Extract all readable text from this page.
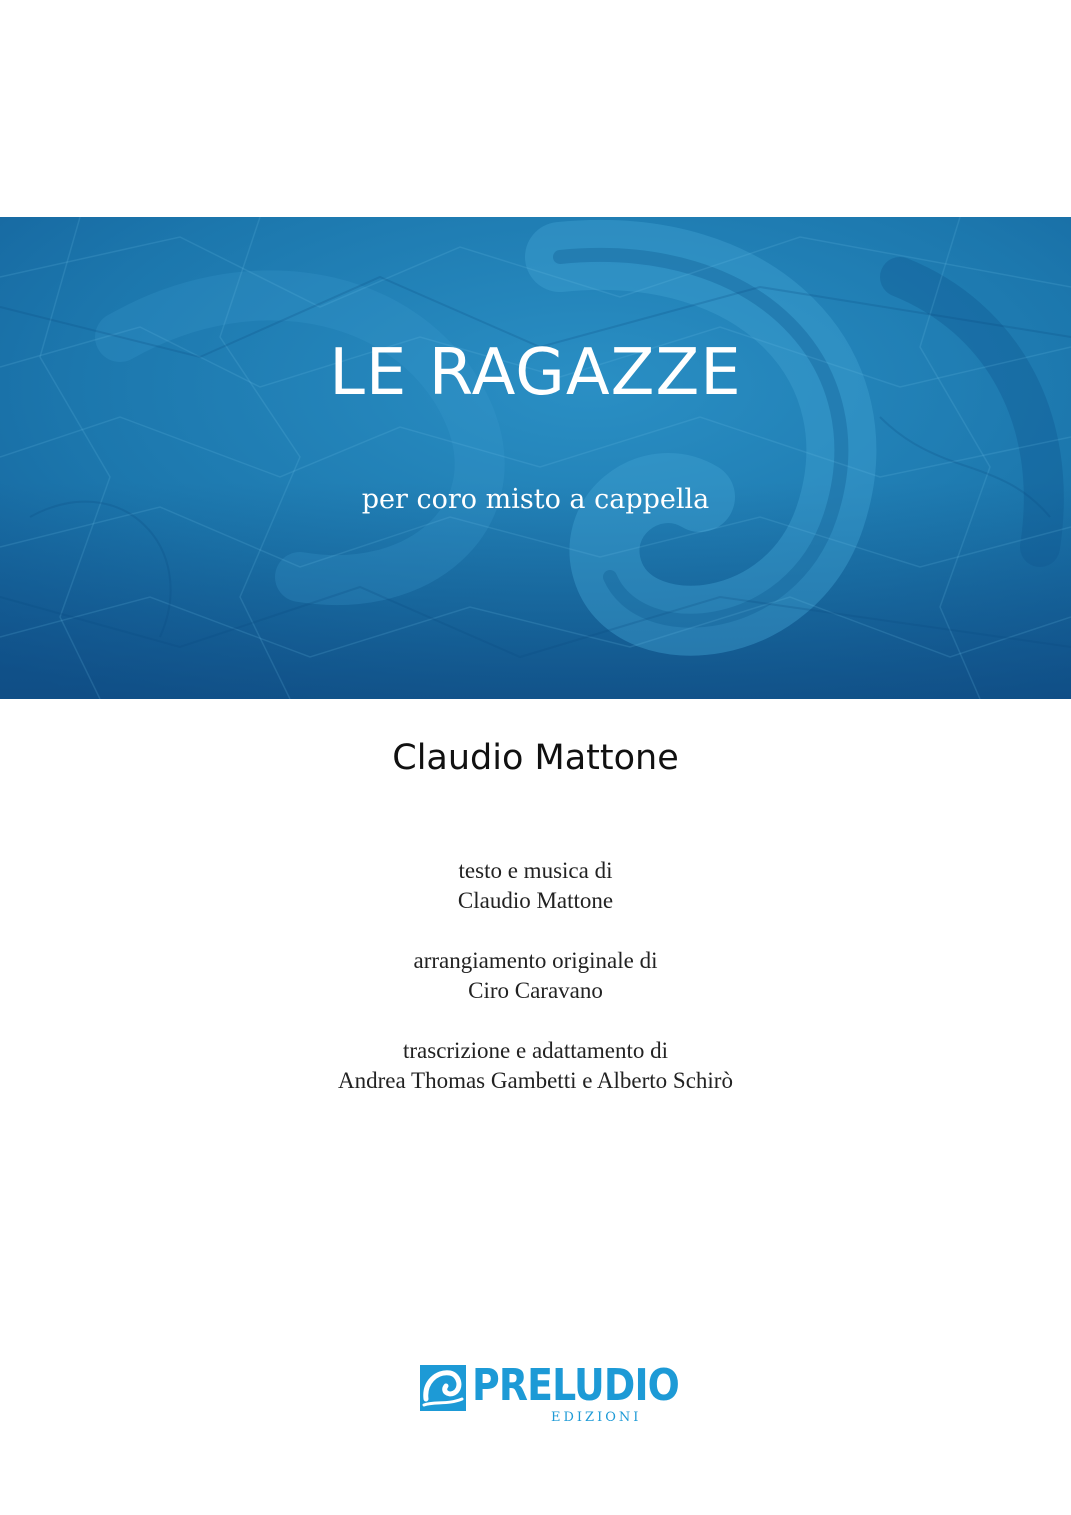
LE RAGAZZE

per coro misto a cappella

Claudio Mattone

testo e musica di
Claudio Mattone
arrangiamento originale di
Ciro Caravano
trascrizione e adattamento di
Andrea Thomas Gambetti e Alberto Schirò
PRELUDIO
EDIZIONI
